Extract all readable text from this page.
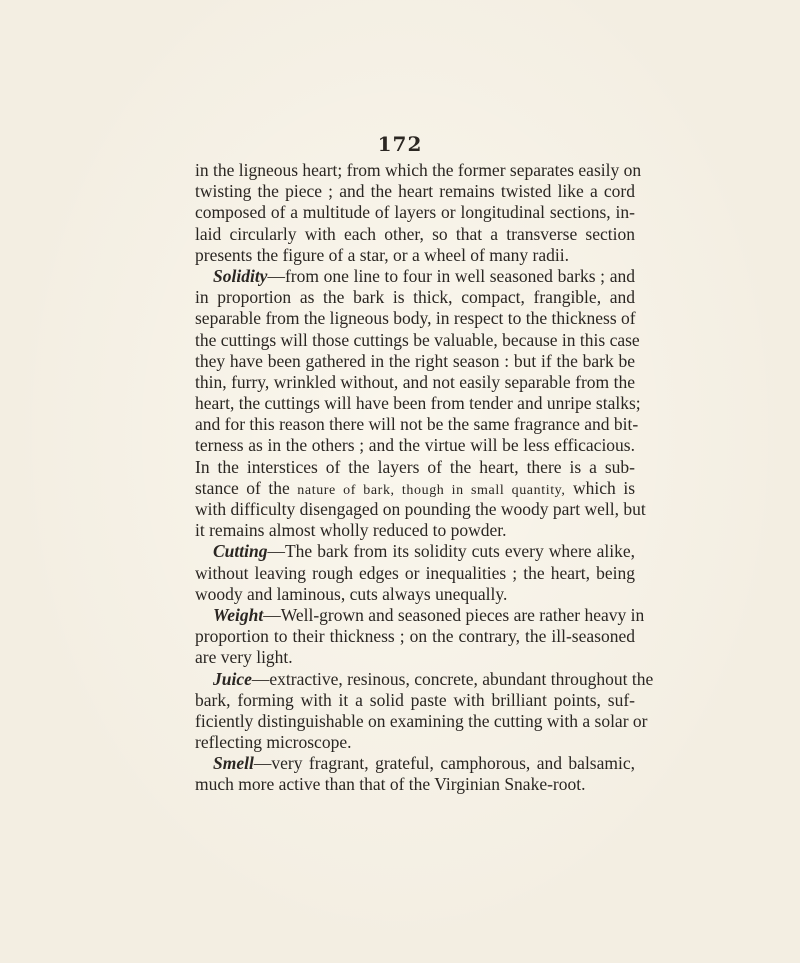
172
in the ligneous heart; from which the former separates easily on
twisting the piece ; and the heart remains twisted like a cord
composed of a multitude of layers or longitudinal sections, in-
laid circularly with each other, so that a transverse section
presents the figure of a star, or a wheel of many radii.
Solidity—from one line to four in well seasoned barks ; and
in proportion as the bark is thick, compact, frangible, and
separable from the ligneous body, in respect to the thickness of
the cuttings will those cuttings be valuable, because in this case
they have been gathered in the right season : but if the bark be
thin, furry, wrinkled without, and not easily separable from the
heart, the cuttings will have been from tender and unripe stalks;
and for this reason there will not be the same fragrance and bit-
terness as in the others ; and the virtue will be less efficacious.
In the interstices of the layers of the heart, there is a sub-
stance of the nature of bark, though in small quantity, which is
with difficulty disengaged on pounding the woody part well, but
it remains almost wholly reduced to powder.
Cutting—The bark from its solidity cuts every where alike,
without leaving rough edges or inequalities ; the heart, being
woody and laminous, cuts always unequally.
Weight—Well-grown and seasoned pieces are rather heavy in
proportion to their thickness ; on the contrary, the ill-seasoned
are very light.
Juice—extractive, resinous, concrete, abundant throughout the
bark, forming with it a solid paste with brilliant points, suf-
ficiently distinguishable on examining the cutting with a solar or
reflecting microscope.
Smell—very fragrant, grateful, camphorous, and balsamic,
much more active than that of the Virginian Snake-root.
